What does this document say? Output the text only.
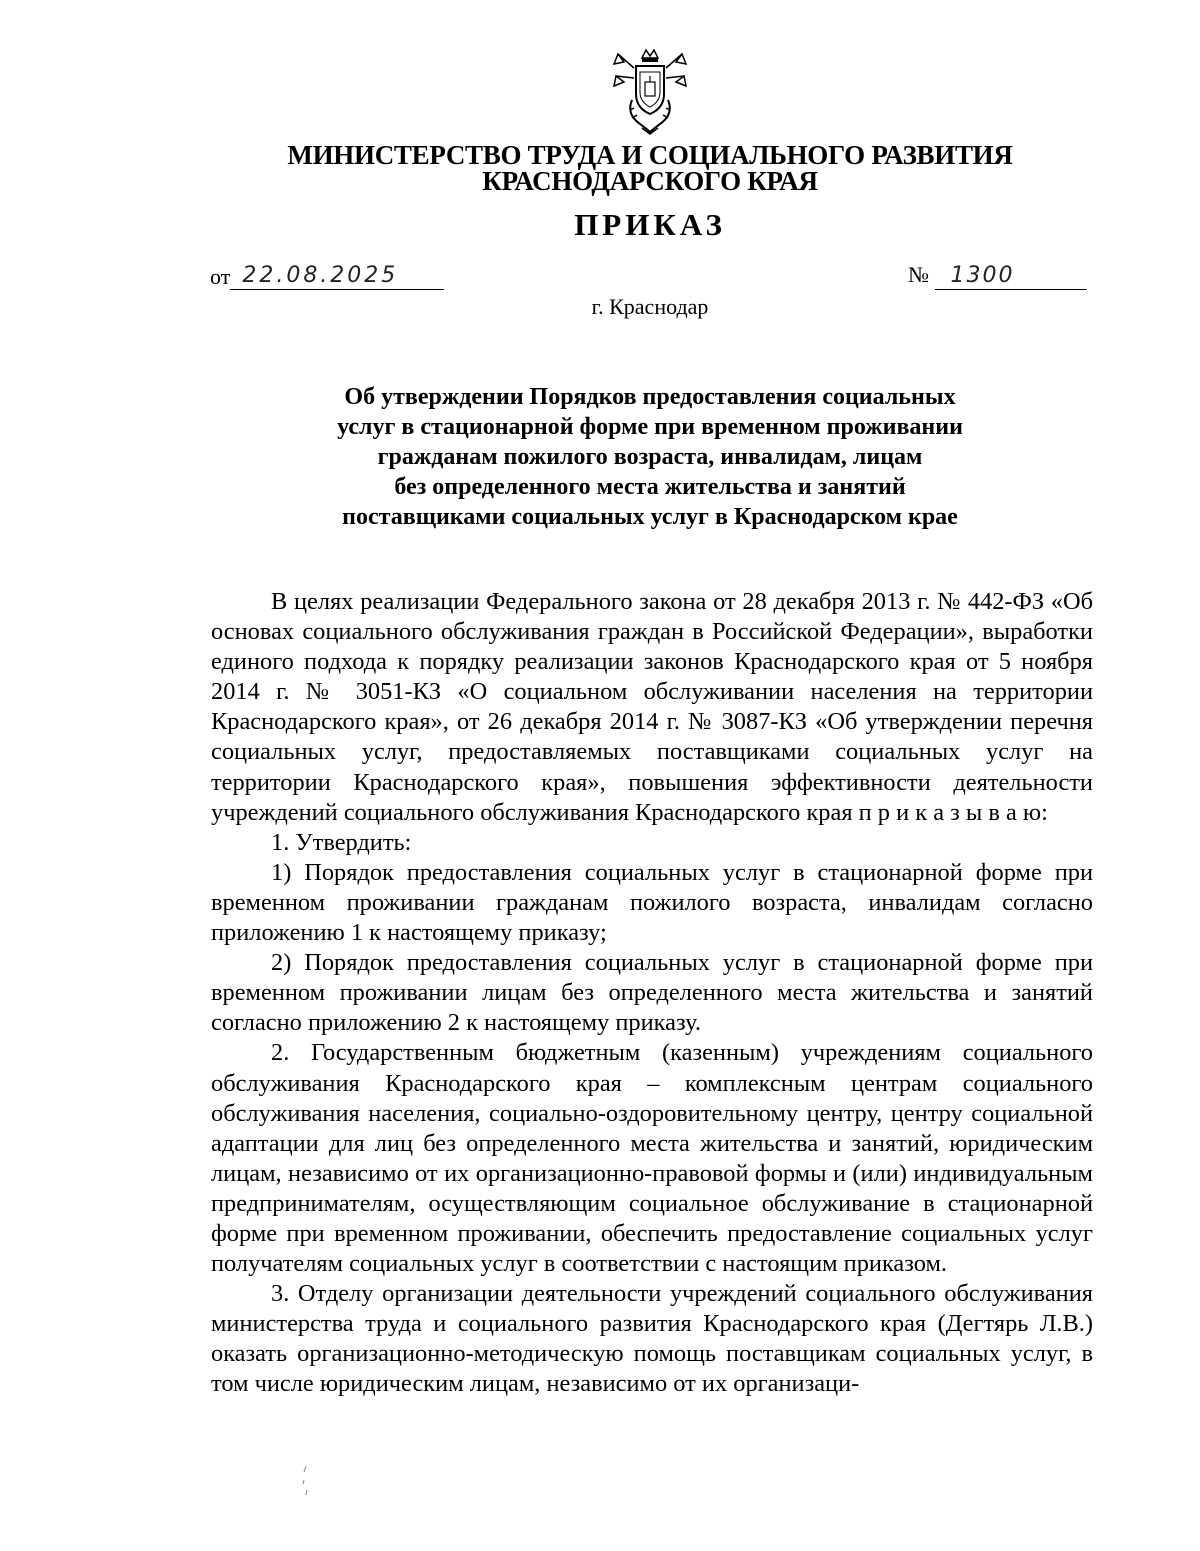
МИНИСТЕРСТВО ТРУДА И СОЦИАЛЬНОГО РАЗВИТИЯ
КРАСНОДАРСКОГО КРАЯ
ПРИКАЗ
от 22.08.2025	№ 1300
г. Краснодар
Об утверждении Порядков предоставления социальных
услуг в стационарной форме при временном проживании
гражданам пожилого возраста, инвалидам, лицам
без определенного места жительства и занятий
поставщиками социальных услуг в Краснодарском крае

В целях реализации Федерального закона от 28 декабря 2013 г. № 442-ФЗ «Об основах социального обслуживания граждан в Российской Федерации», выработки единого подхода к порядку реализации законов Краснодарского края от 5 ноября 2014 г. № 3051-КЗ «О социальном обслуживании населения на территории Краснодарского края», от 26 декабря 2014 г. № 3087-КЗ «Об утверждении перечня социальных услуг, предоставляемых поставщиками социальных услуг на территории Краснодарского края», повышения эффективности деятельности учреждений социального обслуживания Краснодарского края п р и к а з ы в а ю:

1. Утвердить:

1) Порядок предоставления социальных услуг в стационарной форме при временном проживании гражданам пожилого возраста, инвалидам согласно приложению 1 к настоящему приказу;

2) Порядок предоставления социальных услуг в стационарной форме при временном проживании лицам без определенного места жительства и занятий согласно приложению 2 к настоящему приказу.

2. Государственным бюджетным (казенным) учреждениям социального обслуживания Краснодарского края – комплексным центрам социального обслуживания населения, социально-оздоровительному центру, центру социальной адаптации для лиц без определенного места жительства и занятий, юридическим лицам, независимо от их организационно-правовой формы и (или) индивидуальным предпринимателям, осуществляющим социальное обслуживание в стационарной форме при временном проживании, обеспечить предоставление социальных услуг получателям социальных услуг в соответствии с настоящим приказом.

3. Отделу организации деятельности учреждений социального обслуживания министерства труда и социального развития Краснодарского края (Дегтярь Л.В.) оказать организационно-методическую помощь поставщикам социальных услуг, в том числе юридическим лицам, независимо от их организаци-
